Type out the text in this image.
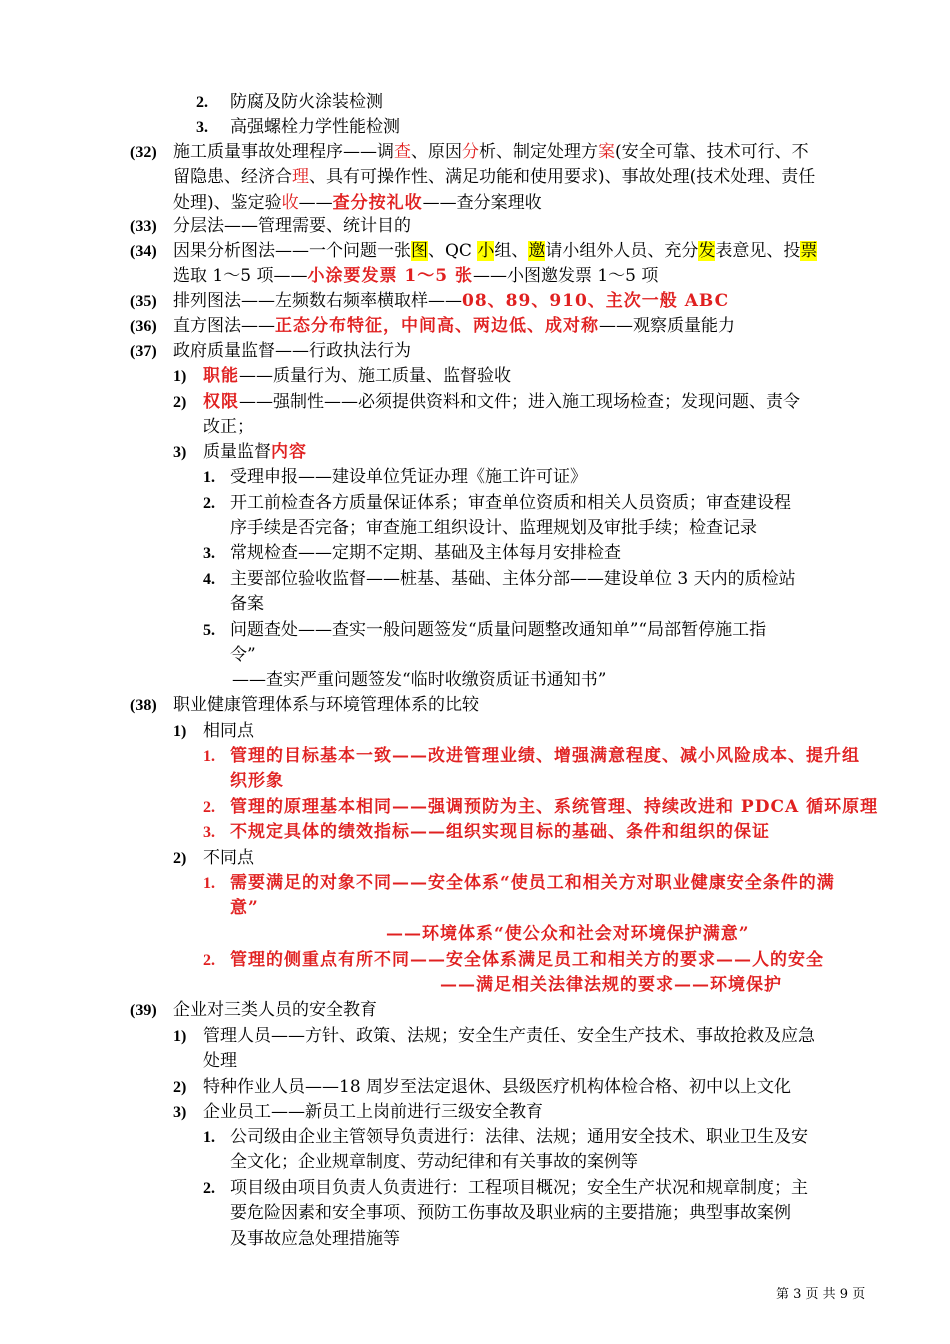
2. 防腐及防火涂装检测
3. 高强螺栓力学性能检测
(32) 施工质量事故处理程序——调查、原因分析、制定处理方案(安全可靠、技术可行、不
留隐患、经济合理、具有可操作性、满足功能和使用要求)、事故处理(技术处理、责任
处理)、鉴定验收——查分按礼收——查分案理收
(33) 分层法——管理需要、统计目的
(34) 因果分析图法——一个问题一张图、QC 小组、邀请小组外人员、充分发表意见、投票
选取 1～5 项——小涂要发票 1～5 张——小图邀发票 1～5 项
(35) 排列图法——左频数右频率横取样——08、89、910、主次一般 ABC
(36) 直方图法——正态分布特征，中间高、两边低、成对称——观察质量能力
(37) 政府质量监督——行政执法行为
1) 职能——质量行为、施工质量、监督验收
2) 权限——强制性——必须提供资料和文件；进入施工现场检查；发现问题、责令
改正；
3) 质量监督内容
1. 受理申报——建设单位凭证办理《施工许可证》
2. 开工前检查各方质量保证体系；审查单位资质和相关人员资质；审查建设程
序手续是否完备；审查施工组织设计、监理规划及审批手续；检查记录
3. 常规检查——定期不定期、基础及主体每月安排检查
4. 主要部位验收监督——桩基、基础、主体分部——建设单位 3 天内的质检站
备案
5. 问题查处——查实一般问题签发“质量问题整改通知单”“局部暂停施工指
令”
——查实严重问题签发“临时收缴资质证书通知书”
(38) 职业健康管理体系与环境管理体系的比较
1) 相同点
1. 管理的目标基本一致——改进管理业绩、增强满意程度、减小风险成本、提升组
织形象
2. 管理的原理基本相同——强调预防为主、系统管理、持续改进和 PDCA 循环原理
3. 不规定具体的绩效指标——组织实现目标的基础、条件和组织的保证
2) 不同点
1. 需要满足的对象不同——安全体系“使员工和相关方对职业健康安全条件的满
意”
——环境体系“使公众和社会对环境保护满意”
2. 管理的侧重点有所不同——安全体系满足员工和相关方的要求——人的安全
——满足相关法律法规的要求——环境保护
(39) 企业对三类人员的安全教育
1) 管理人员——方针、政策、法规；安全生产责任、安全生产技术、事故抢救及应急
处理
2) 特种作业人员——18 周岁至法定退休、县级医疗机构体检合格、初中以上文化
3) 企业员工——新员工上岗前进行三级安全教育
1. 公司级由企业主管领导负责进行：法律、法规；通用安全技术、职业卫生及安
全文化；企业规章制度、劳动纪律和有关事故的案例等
2. 项目级由项目负责人负责进行：工程项目概况；安全生产状况和规章制度；主
要危险因素和安全事项、预防工伤事故及职业病的主要措施；典型事故案例
及事故应急处理措施等
第 3 页 共 9 页
